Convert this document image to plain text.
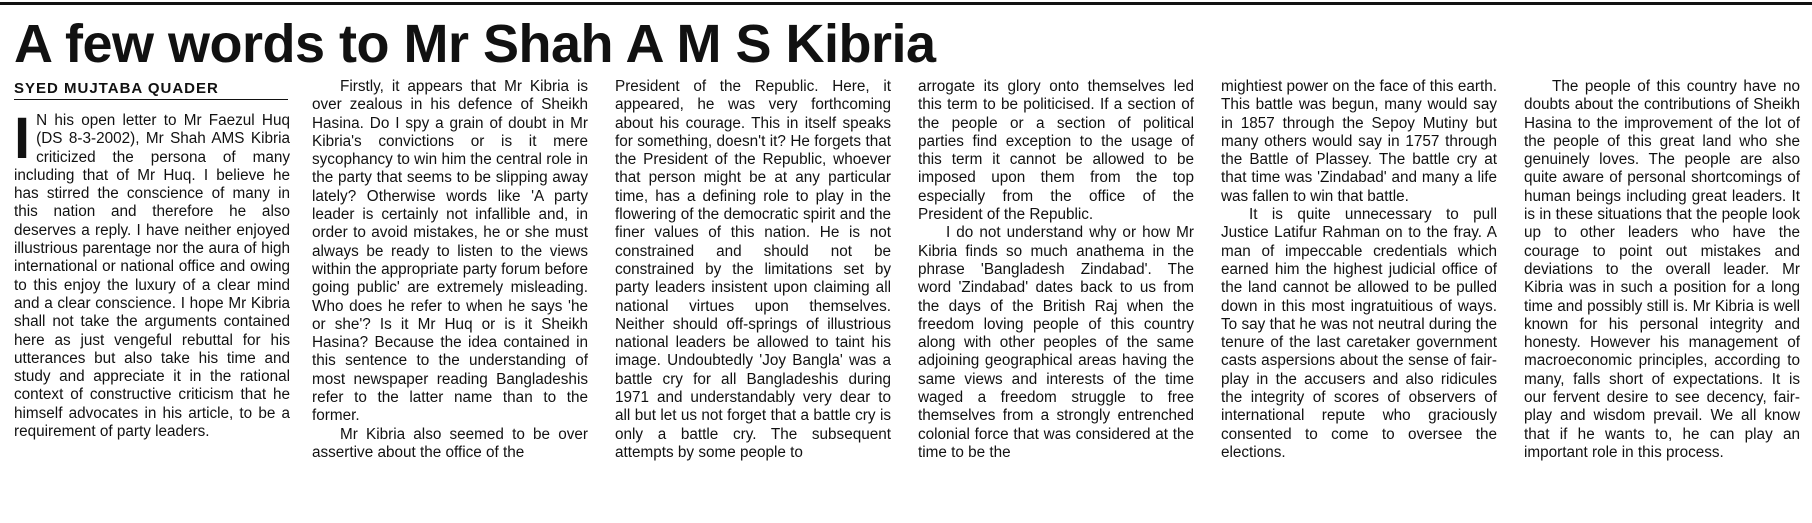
A few words to Mr Shah A M S Kibria
SYED MUJTABA QUADER

I N his open letter to Mr Faezul Huq (DS 8-3-2002), Mr Shah AMS Kibria criticized the persona of many including that of Mr Huq. I believe he has stirred the conscience of many in this nation and therefore he also deserves a reply. I have neither enjoyed illustrious parentage nor the aura of high international or national office and owing to this enjoy the luxury of a clear mind and a clear conscience. I hope Mr Kibria shall not take the arguments contained here as just vengeful rebuttal for his utterances but also take his time and study and appreciate it in the rational context of constructive criticism that he himself advocates in his article, to be a requirement of party leaders.

Firstly, it appears that Mr Kibria is over zealous in his defence of Sheikh Hasina. Do I spy a grain of doubt in Mr Kibria's convictions or is it mere sycophancy to win him the central role in the party that seems to be slipping away lately? Otherwise words like 'A party leader is certainly not infallible and, in order to avoid mistakes, he or she must always be ready to listen to the views within the appropriate party forum before going public' are extremely misleading. Who does he refer to when he says 'he or she'? Is it Mr Huq or is it Sheikh Hasina? Because the idea contained in this sentence to the understanding of most newspaper reading Bangladeshis refer to the latter name than to the former.

Mr Kibria also seemed to be over assertive about the office of the

President of the Republic. Here, it appeared, he was very forthcoming about his courage. This in itself speaks for something, doesn't it? He forgets that the President of the Republic, whoever that person might be at any particular time, has a defining role to play in the flowering of the democratic spirit and the finer values of this nation. He is not constrained and should not be constrained by the limitations set by party leaders insistent upon claiming all national virtues upon themselves. Neither should off-springs of illustrious national leaders be allowed to taint his image. Undoubtedly 'Joy Bangla' was a battle cry for all Bangladeshis during 1971 and understandably very dear to all but let us not forget that a battle cry is only a battle cry. The subsequent attempts by some people to

arrogate its glory onto themselves led this term to be politicised. If a section of the people or a section of political parties find exception to the usage of this term it cannot be allowed to be imposed upon them from the top especially from the office of the President of the Republic.

I do not understand why or how Mr Kibria finds so much anathema in the phrase 'Bangladesh Zindabad'. The word 'Zindabad' dates back to us from the days of the British Raj when the freedom loving people of this country along with other peoples of the same adjoining geographical areas having the same views and interests of the time waged a freedom struggle to free themselves from a strongly entrenched colonial force that was considered at the time to be the

mightiest power on the face of this earth. This battle was begun, many would say in 1857 through the Sepoy Mutiny but many others would say in 1757 through the Battle of Plassey. The battle cry at that time was 'Zindabad' and many a life was fallen to win that battle.

It is quite unnecessary to pull Justice Latifur Rahman on to the fray. A man of impeccable credentials which earned him the highest judicial office of the land cannot be allowed to be pulled down in this most ingratuitious of ways. To say that he was not neutral during the tenure of the last caretaker government casts aspersions about the sense of fair-play in the accusers and also ridicules the integrity of scores of observers of international repute who graciously consented to come to oversee the elections.

The people of this country have no doubts about the contributions of Sheikh Hasina to the improvement of the lot of the people of this great land who she genuinely loves. The people are also quite aware of personal shortcomings of human beings including great leaders. It is in these situations that the people look up to other leaders who have the courage to point out mistakes and deviations to the overall leader. Mr Kibria was in such a position for a long time and possibly still is. Mr Kibria is well known for his personal integrity and honesty. However his management of macroeconomic principles, according to many, falls short of expectations. It is our fervent desire to see decency, fair-play and wisdom prevail. We all know that if he wants to, he can play an important role in this process.
